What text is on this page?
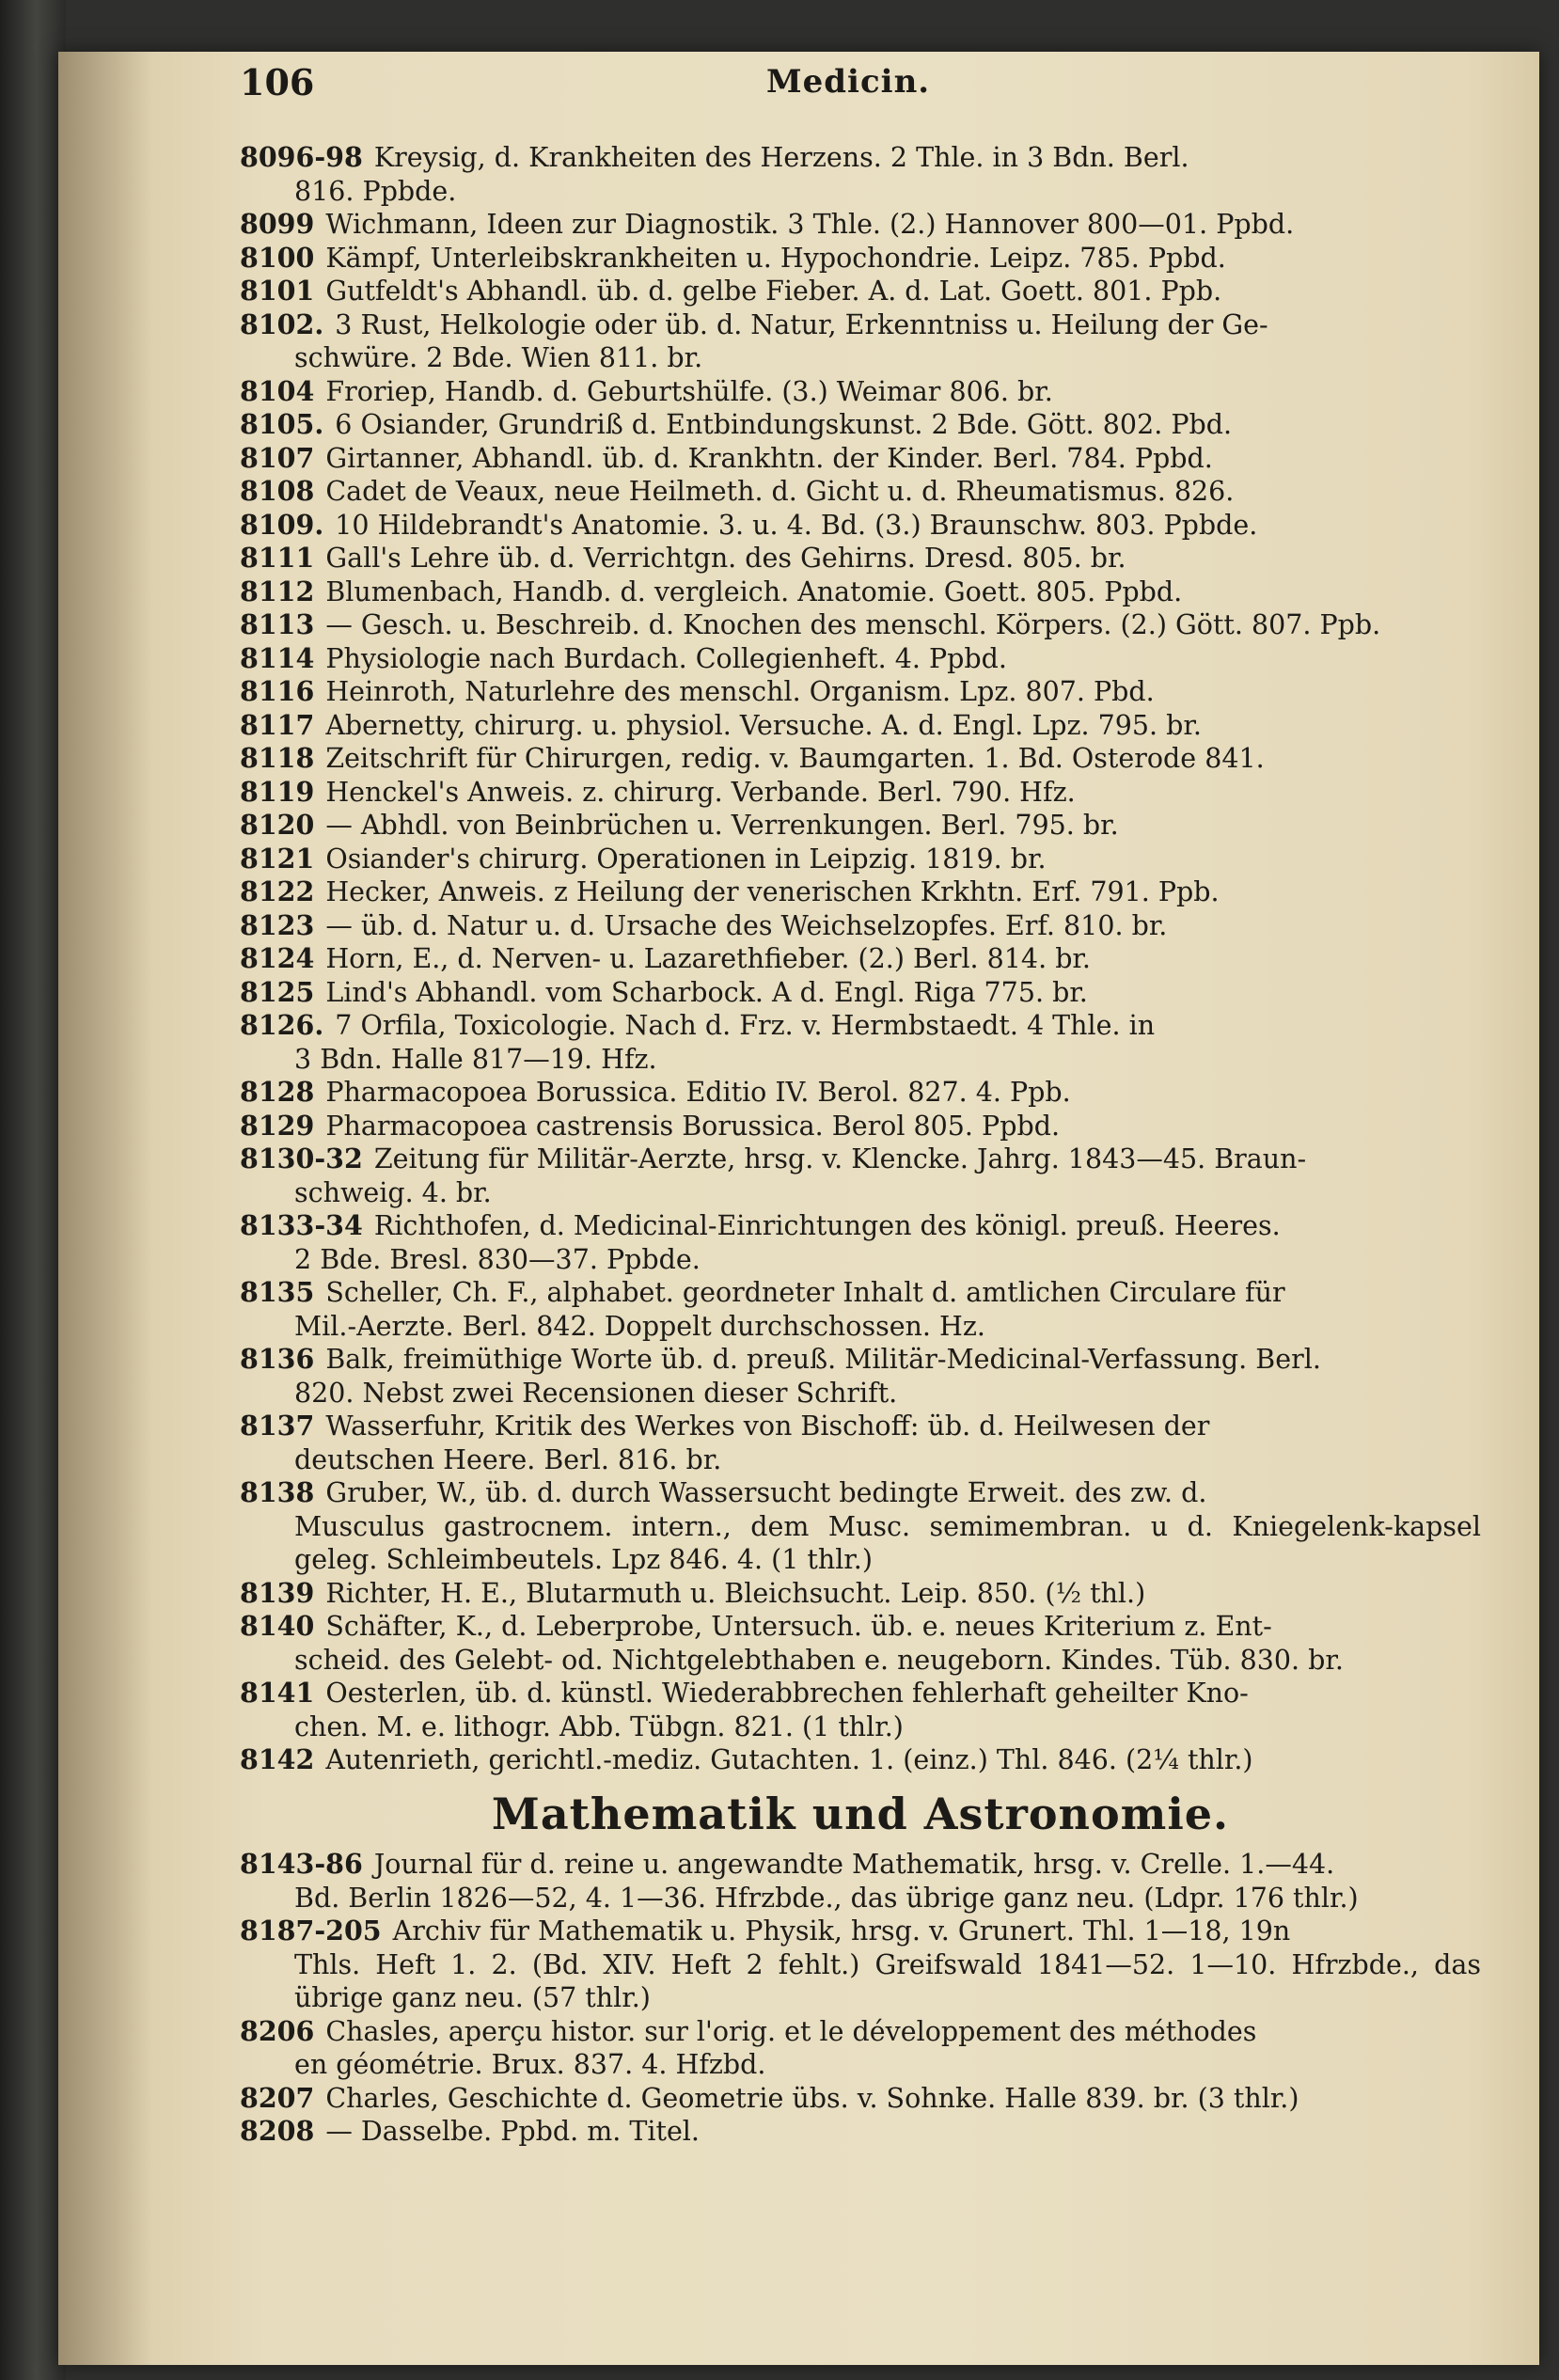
106	Medicin.
8096-98 Kreysig, d. Krankheiten des Herzens. 2 Thle. in 3 Bdn. Berl.
816. Ppbde.
8099 Wichmann, Ideen zur Diagnostik. 3 Thle. (2.) Hannover 800—01. Ppbd.
8100 Kämpf, Unterleibskrankheiten u. Hypochondrie. Leipz. 785. Ppbd.
8101 Gutfeldt's Abhandl. üb. d. gelbe Fieber. A. d. Lat. Goett. 801. Ppb.
8102. 3 Rust, Helkologie oder üb. d. Natur, Erkenntniss u. Heilung der Ge-
schwüre. 2 Bde. Wien 811. br.
8104 Froriep, Handb. d. Geburtshülfe. (3.) Weimar 806. br.
8105. 6 Osiander, Grundriß d. Entbindungskunst. 2 Bde. Gött. 802. Pbd.
8107 Girtanner, Abhandl. üb. d. Krankhtn. der Kinder. Berl. 784. Ppbd.
8108 Cadet de Veaux, neue Heilmeth. d. Gicht u. d. Rheumatismus. 826.
8109. 10 Hildebrandt's Anatomie. 3. u. 4. Bd. (3.) Braunschw. 803. Ppbde.
8111 Gall's Lehre üb. d. Verrichtgn. des Gehirns. Dresd. 805. br.
8112 Blumenbach, Handb. d. vergleich. Anatomie. Goett. 805. Ppbd.
8113 — Gesch. u. Beschreib. d. Knochen des menschl. Körpers. (2.) Gött. 807. Ppb.
8114 Physiologie nach Burdach. Collegienheft. 4. Ppbd.
8116 Heinroth, Naturlehre des menschl. Organism. Lpz. 807. Pbd.
8117 Abernetty, chirurg. u. physiol. Versuche. A. d. Engl. Lpz. 795. br.
8118 Zeitschrift für Chirurgen, redig. v. Baumgarten. 1. Bd. Osterode 841.
8119 Henckel's Anweis. z. chirurg. Verbande. Berl. 790. Hfz.
8120 — Abhdl. von Beinbrüchen u. Verrenkungen. Berl. 795. br.
8121 Osiander's chirurg. Operationen in Leipzig. 1819. br.
8122 Hecker, Anweis. z Heilung der venerischen Krkhtn. Erf. 791. Ppb.
8123 — üb. d. Natur u. d. Ursache des Weichselzopfes. Erf. 810. br.
8124 Horn, E., d. Nerven- u. Lazarethfieber. (2.) Berl. 814. br.
8125 Lind's Abhandl. vom Scharbock. A d. Engl. Riga 775. br.
8126. 7 Orfila, Toxicologie. Nach d. Frz. v. Hermbstaedt. 4 Thle. in
3 Bdn. Halle 817—19. Hfz.
8128 Pharmacopoea Borussica. Editio IV. Berol. 827. 4. Ppb.
8129 Pharmacopoea castrensis Borussica. Berol 805. Ppbd.
8130-32 Zeitung für Militär-Aerzte, hrsg. v. Klencke. Jahrg. 1843—45. Braun-
schweig. 4. br.
8133-34 Richthofen, d. Medicinal-Einrichtungen des königl. preuß. Heeres.
2 Bde. Bresl. 830—37. Ppbde.
8135 Scheller, Ch. F., alphabet. geordneter Inhalt d. amtlichen Circulare für
Mil.-Aerzte. Berl. 842. Doppelt durchschossen. Hz.
8136 Balk, freimüthige Worte üb. d. preuß. Militär-Medicinal-Verfassung. Berl.
820. Nebst zwei Recensionen dieser Schrift.
8137 Wasserfuhr, Kritik des Werkes von Bischoff: üb. d. Heilwesen der
deutschen Heere. Berl. 816. br.
8138 Gruber, W., üb. d. durch Wassersucht bedingte Erweit. des zw. d.
Musculus gastrocnem. intern., dem Musc. semimembran. u d. Kniegelenk-kapsel geleg. Schleimbeutels. Lpz 846. 4. (1 thlr.)
8139 Richter, H. E., Blutarmuth u. Bleichsucht. Leip. 850. (½ thl.)
8140 Schäfter, K., d. Leberprobe, Untersuch. üb. e. neues Kriterium z. Ent-
scheid. des Gelebt- od. Nichtgelebthaben e. neugeborn. Kindes. Tüb. 830. br.
8141 Oesterlen, üb. d. künstl. Wiederabbrechen fehlerhaft geheilter Kno-
chen. M. e. lithogr. Abb. Tübgn. 821. (1 thlr.)
8142 Autenrieth, gerichtl.-mediz. Gutachten. 1. (einz.) Thl. 846. (2¼ thlr.)
Mathematik und Astronomie.
8143-86 Journal für d. reine u. angewandte Mathematik, hrsg. v. Crelle. 1.—44.
Bd. Berlin 1826—52, 4. 1—36. Hfrzbde., das übrige ganz neu. (Ldpr. 176 thlr.)
8187-205 Archiv für Mathematik u. Physik, hrsg. v. Grunert. Thl. 1—18, 19n
Thls. Heft 1. 2. (Bd. XIV. Heft 2 fehlt.) Greifswald 1841—52. 1—10. Hfrzbde., das übrige ganz neu. (57 thlr.)
8206 Chasles, aperçu histor. sur l'orig. et le développement des méthodes
en géométrie. Brux. 837. 4. Hfzbd.
8207 Charles, Geschichte d. Geometrie übs. v. Sohnke. Halle 839. br. (3 thlr.)
8208 — Dasselbe. Ppbd. m. Titel.
